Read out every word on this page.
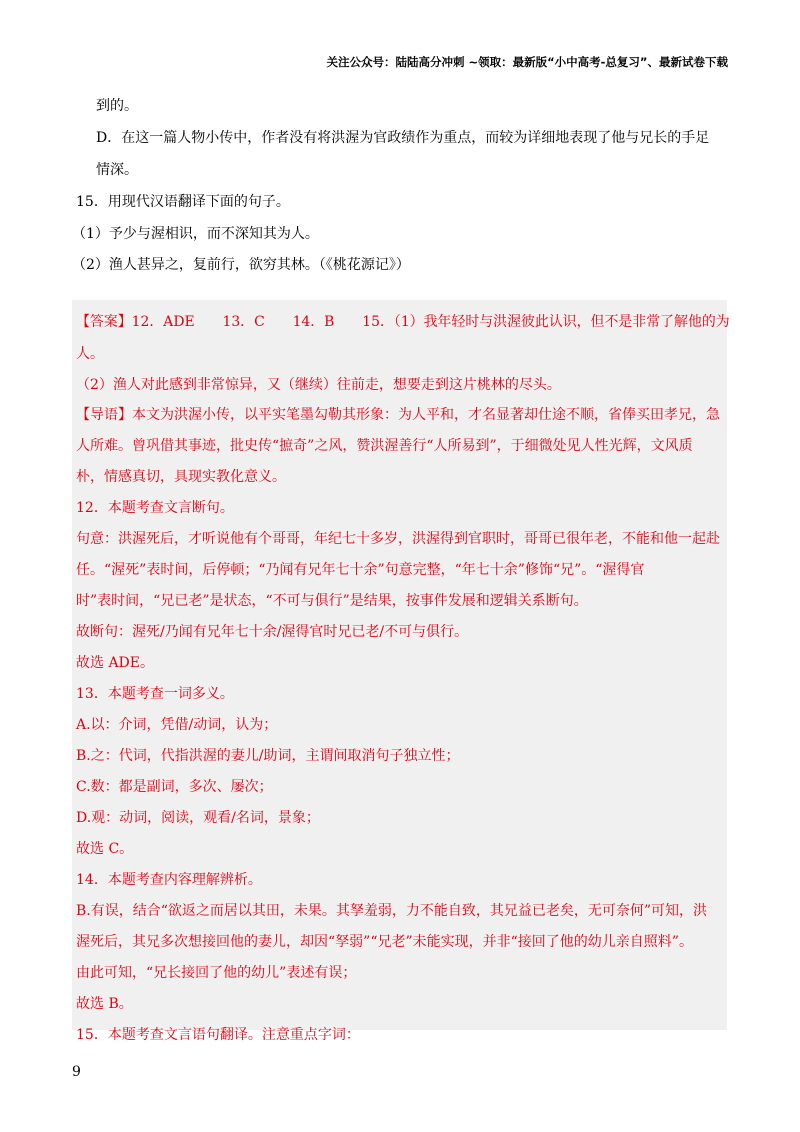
关注公众号：陆陆高分冲刺 ~领取：最新版“小中高考-总复习”、最新试卷下载
到的。
D．在这一篇人物小传中，作者没有将洪渥为官政绩作为重点，而较为详细地表现了他与兄长的手足
情深。
15．用现代汉语翻译下面的句子。
（1）予少与渥相识，而不深知其为人。
（2）渔人甚异之，复前行，欲穷其林。（《桃花源记》）
【答案】12．ADE　　13．C　　14．B　　15．（1）我年轻时与洪渥彼此认识，但不是非常了解他的为
人。
（2）渔人对此感到非常惊异，又（继续）往前走，想要走到这片桃林的尽头。
【导语】本文为洪渥小传，以平实笔墨勾勒其形象：为人平和，才名显著却仕途不顺，省俸买田孝兄，急
人所难。曾巩借其事迹，批史传“摭奇”之风，赞洪渥善行“人所易到”，于细微处见人性光辉，文风质
朴，情感真切，具现实教化意义。
12．本题考查文言断句。
句意：洪渥死后，才听说他有个哥哥，年纪七十多岁，洪渥得到官职时，哥哥已很年老，不能和他一起赴
任。“渥死”表时间，后停顿；“乃闻有兄年七十余”句意完整，“年七十余”修饰“兄”。“渥得官
时”表时间，“兄已老”是状态，“不可与俱行”是结果，按事件发展和逻辑关系断句。
故断句：渥死/乃闻有兄年七十余/渥得官时兄已老/不可与俱行。
故选 ADE。
13．本题考查一词多义。
A.以：介词，凭借/动词，认为；
B.之：代词，代指洪渥的妻儿/助词，主谓间取消句子独立性；
C.数：都是副词，多次、屡次；
D.观：动词，阅读，观看/名词，景象；
故选 C。
14．本题考查内容理解辨析。
B.有误，结合“欲返之而居以其田，未果。其孥羞弱，力不能自致，其兄益已老矣，无可奈何”可知，洪
渥死后，其兄多次想接回他的妻儿，却因“孥弱”“兄老”未能实现，并非“接回了他的幼儿亲自照料”。
由此可知，“兄长接回了他的幼儿”表述有误；
故选 B。
15．本题考查文言语句翻译。注意重点字词：
9
